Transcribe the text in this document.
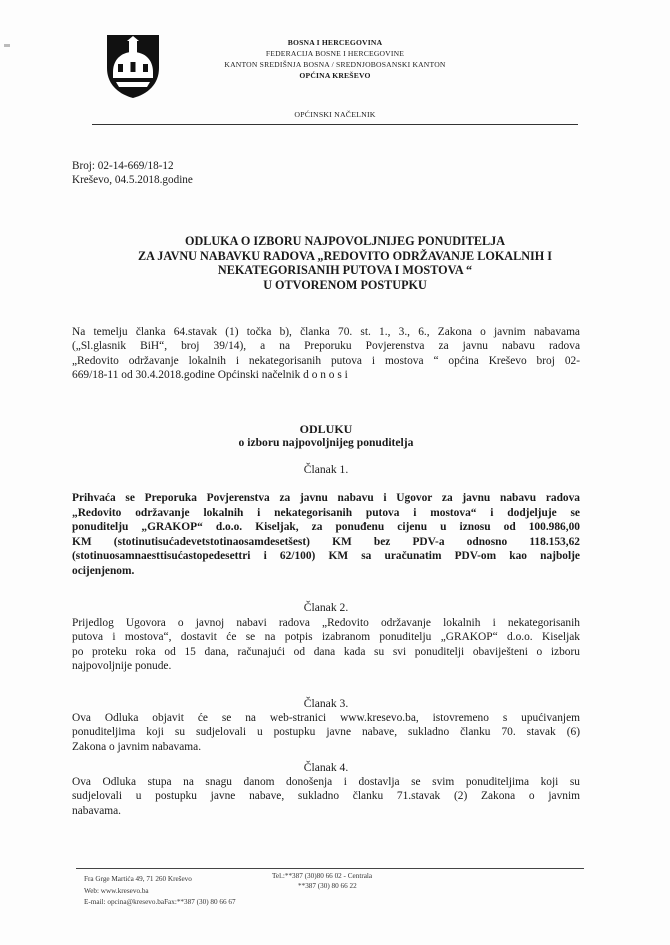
BOSNA I HERCEGOVINA
FEDERACIJA BOSNE I HERCEGOVINE
KANTON SREDIŠNJA BOSNA / SREDNJOBOSANSKI KANTON
OPĆINA KREŠEVO
OPĆINSKI NAČELNIK
Broj: 02-14-669/18-12
Kreševo, 04.5.2018.godine
ODLUKA O IZBORU NAJPOVOLJNIJEG PONUDITELJA
ZA JAVNU NABAVKU RADOVA „REDOVITO ODRŽAVANJE LOKALNIH I
NEKATEGORISANIH PUTOVA I MOSTOVA “
U OTVORENOM POSTUPKU
Na temelju članka 64.stavak (1) točka b), članka 70. st. 1., 3., 6., Zakona o javnim nabavama
(„Sl.glasnik BiH“, broj 39/14), a na Preporuku Povjerenstva za javnu nabavu radova
„Redovito održavanje lokalnih i nekategorisanih putova i mostova “ općina Kreševo broj 02-
669/18-11 od 30.4.2018.godine Općinski načelnik d o n o s i
ODLUKU
o izboru najpovoljnijeg ponuditelja
Članak 1.
Prihvaća se Preporuka Povjerenstva za javnu nabavu i Ugovor za javnu nabavu radova
„Redovito održavanje lokalnih i nekategorisanih putova i mostova“ i dodjeljuje se
ponuditelju „GRAKOP“ d.o.o. Kiseljak, za ponuđenu cijenu u iznosu od 100.986,00
KM (stotinutisućadevetstotinaosamdesetšest) KM bez PDV-a odnosno 118.153,62
(stotinuosamnaesttisućastopedesettri i 62/100) KM sa uračunatim PDV-om kao najbolje
ocijenjenom.
Članak 2.
Prijedlog Ugovora o javnoj nabavi radova „Redovito održavanje lokalnih i nekategorisanih
putova i mostova“, dostavit će se na potpis izabranom ponuditelju „GRAKOP“ d.o.o. Kiseljak
po proteku roka od 15 dana, računajući od dana kada su svi ponuditelji obaviješteni o izboru
najpovoljnije ponude.
Članak 3.
Ova Odluka objavit će se na web-stranici www.kresevo.ba, istovremeno s upućivanjem
ponuditeljima koji su sudjelovali u postupku javne nabave, sukladno članku 70. stavak (6)
Zakona o javnim nabavama.
Članak 4.
Ova Odluka stupa na snagu danom donošenja i dostavlja se svim ponuditeljima koji su
sudjelovali u postupku javne nabave, sukladno članku 71.stavak (2) Zakona o javnim
nabavama.
Fra Grge Martića 49, 71 260 Kreševo
Web: www.kresevo.ba
E-mail: opcina@kresevo.baFax:**387 (30) 80 66 67
Tel.:**387 (30)80 66 02 - Centrala
**387 (30) 80 66 22
